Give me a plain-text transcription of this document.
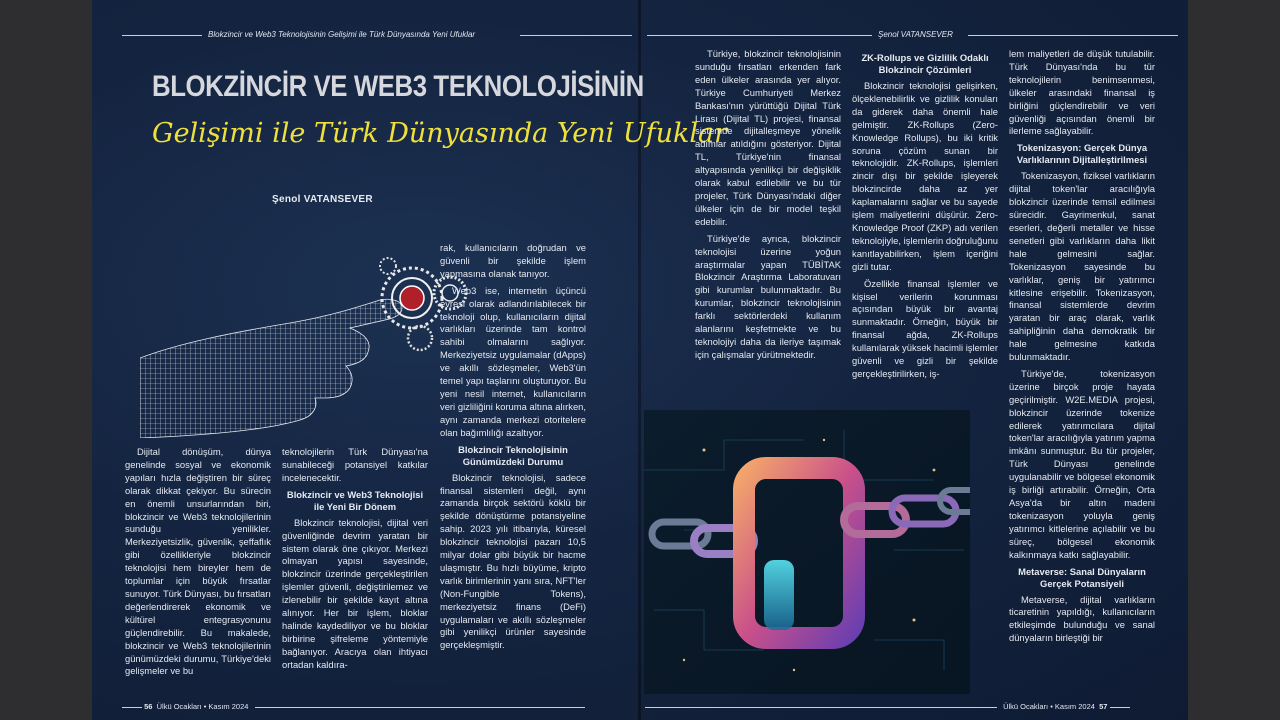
Blokzincir ve Web3 Teknolojisinin Gelişimi ile Türk Dünyasında Yeni Ufuklar	Şenol VATANSEVER
BLOKZİNCİR VE WEB3 TEKNOLOJİSİNİN
Gelişimi ile Türk Dünyasında Yeni Ufuklar
Şenol VATANSEVER

Dijital dönüşüm, dünya genelinde sosyal ve ekonomik yapıları hızla değiştiren bir süreç olarak dikkat çekiyor. Bu sürecin en önemli unsurlarından biri, blokzincir ve Web3 teknolojilerinin sunduğu yenilikler. Merkeziyetsizlik, güvenlik, şeffaflık gibi özellikleriyle blokzincir teknolojisi hem bireyler hem de toplumlar için büyük fırsatlar sunuyor. Türk Dünyası, bu fırsatları değerlendirerek ekonomik ve kültürel entegrasyonunu güçlendirebilir. Bu makalede, blokzincir ve Web3 teknolojilerinin günümüzdeki durumu, Türkiye'deki gelişmeler ve bu

teknolojilerin Türk Dünyası'na sunabileceği potansiyel katkılar incelenecektir.

Blokzincir ve Web3 Teknolojisi ile Yeni Bir Dönem

Blokzincir teknolojisi, dijital veri güvenliğinde devrim yaratan bir sistem olarak öne çıkıyor. Merkezi olmayan yapısı sayesinde, blokzincir üzerinde gerçekleştirilen işlemler güvenli, değiştirilemez ve izlenebilir bir şekilde kayıt altına alınıyor. Her bir işlem, bloklar halinde kaydediliyor ve bu bloklar birbirine şifreleme yöntemiyle bağlanıyor. Aracıya olan ihtiyacı ortadan kaldıra-

rak, kullanıcıların doğrudan ve güvenli bir şekilde işlem yapmasına olanak tanıyor.

Web3 ise, internetin üçüncü evresi olarak adlandırılabilecek bir teknoloji olup, kullanıcıların dijital varlıkları üzerinde tam kontrol sahibi olmalarını sağlıyor. Merkeziyetsiz uygulamalar (dApps) ve akıllı sözleşmeler, Web3'ün temel yapı taşlarını oluşturuyor. Bu yeni nesil internet, kullanıcıların veri gizliliğini koruma altına alırken, aynı zamanda merkezi otoritelere olan bağımlılığı azaltıyor.

Blokzincir Teknolojisinin Günümüzdeki Durumu

Blokzincir teknolojisi, sadece finansal sistemleri değil, aynı zamanda birçok sektörü köklü bir şekilde dönüştürme potansiyeline sahip. 2023 yılı itibarıyla, küresel blokzincir teknolojisi pazarı 10,5 milyar dolar gibi büyük bir hacme ulaşmıştır. Bu hızlı büyüme, kripto varlık birimlerinin yanı sıra, NFT'ler (Non-Fungible Tokens), merkeziyetsiz finans (DeFi) uygulamaları ve akıllı sözleşmeler gibi yenilikçi ürünler sayesinde gerçekleşmiştir.

Türkiye, blokzincir teknolojisinin sunduğu fırsatları erkenden fark eden ülkeler arasında yer alıyor. Türkiye Cumhuriyeti Merkez Bankası'nın yürüttüğü Dijital Türk Lirası (Dijital TL) projesi, finansal sistemde dijitalleşmeye yönelik adımlar atıldığını gösteriyor. Dijital TL, Türkiye'nin finansal altyapısında yenilikçi bir değişiklik olarak kabul edilebilir ve bu tür projeler, Türk Dünyası'ndaki diğer ülkeler için de bir model teşkil edebilir.

Türkiye'de ayrıca, blokzincir teknolojisi üzerine yoğun araştırmalar yapan TÜBİTAK Blokzincir Araştırma Laboratuvarı gibi kurumlar bulunmaktadır. Bu kurumlar, blokzincir teknolojisinin farklı sektörlerdeki kullanım alanlarını keşfetmekte ve bu teknolojiyi daha da ileriye taşımak için çalışmalar yürütmektedir.

ZK-Rollups ve Gizlilik Odaklı Blokzincir Çözümleri

Blokzincir teknolojisi gelişirken, ölçeklenebilirlik ve gizlilik konuları da giderek daha önemli hale gelmiştir. ZK-Rollups (Zero-Knowledge Rollups), bu iki kritik soruna çözüm sunan bir teknolojidir. ZK-Rollups, işlemleri zincir dışı bir şekilde işleyerek blokzincirde daha az yer kaplamalarını sağlar ve bu sayede işlem maliyetlerini düşürür. Zero-Knowledge Proof (ZKP) adı verilen teknolojiyle, işlemlerin doğruluğunu kanıtlayabilirken, işlem içeriğini gizli tutar.

Özellikle finansal işlemler ve kişisel verilerin korunması açısından büyük bir avantaj sunmaktadır. Örneğin, büyük bir finansal ağda, ZK-Rollups kullanılarak yüksek hacimli işlemler güvenli ve gizli bir şekilde gerçekleştirilirken, iş-

lem maliyetleri de düşük tutulabilir. Türk Dünyası'nda bu tür teknolojilerin benimsenmesi, ülkeler arasındaki finansal iş birliğini güçlendirebilir ve veri güvenliği açısından önemli bir ilerleme sağlayabilir.

Tokenizasyon: Gerçek Dünya Varlıklarının Dijitalleştirilmesi

Tokenizasyon, fiziksel varlıkların dijital token'lar aracılığıyla blokzincir üzerinde temsil edilmesi sürecidir. Gayrimenkul, sanat eserleri, değerli metaller ve hisse senetleri gibi varlıkların daha likit hale gelmesini sağlar. Tokenizasyon sayesinde bu varlıklar, geniş bir yatırımcı kitlesine erişebilir. Tokenizasyon, finansal sistemlerde devrim yaratan bir araç olarak, varlık sahipliğinin daha demokratik bir hale gelmesine katkıda bulunmaktadır.

Türkiye'de, tokenizasyon üzerine birçok proje hayata geçirilmiştir. W2E.MEDIA projesi, blokzincir üzerinde tokenize edilerek yatırımcılara dijital token'lar aracılığıyla yatırım yapma imkânı sunmuştur. Bu tür projeler, Türk Dünyası genelinde uygulanabilir ve bölgesel ekonomik iş birliği artırabilir. Örneğin, Orta Asya'da bir altın madeni tokenizasyon yoluyla geniş yatırımcı kitlelerine açılabilir ve bu süreç, bölgesel ekonomik kalkınmaya katkı sağlayabilir.

Metaverse: Sanal Dünyaların Gerçek Potansiyeli

Metaverse, dijital varlıkların ticaretinin yapıldığı, kullanıcıların etkileşimde bulunduğu ve sanal dünyaların birleştiği bir

56 Ülkü Ocakları • Kasım 2024	Ülkü Ocakları • Kasım 2024 57
